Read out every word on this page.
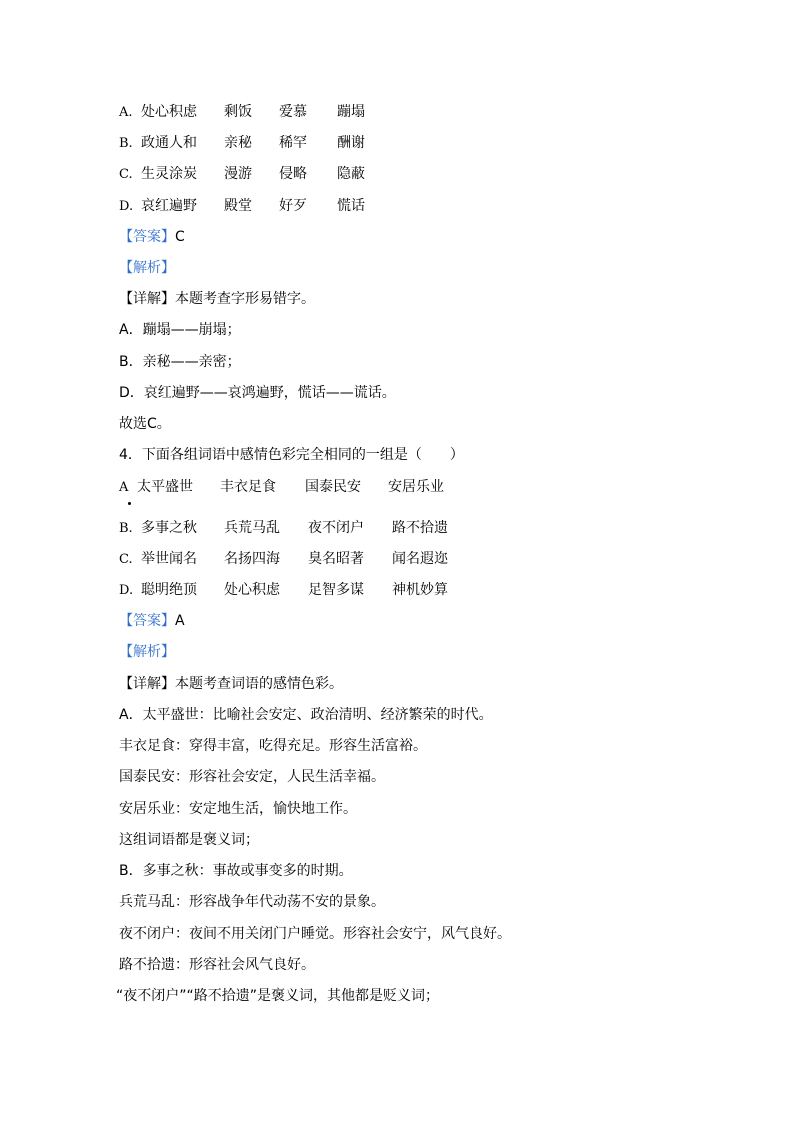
A. 处心积虑 剩饭 爱慕 蹦塌
B. 政通人和 亲秘 稀罕 酬谢
C. 生灵涂炭 漫游 侵略 隐蔽
D. 哀红遍野 殿堂 好歹 慌话
【答案】C
【解析】
【详解】本题考查字形易错字。
A．蹦塌——崩塌；
B．亲秘——亲密；
D．哀红遍野——哀鸿遍野，慌话——谎话。
故选C。
4．下面各组词语中感情色彩完全相同的一组是（　　）
A 太平盛世 丰衣足食 国泰民安 安居乐业
B. 多事之秋 兵荒马乱 夜不闭户 路不拾遗
C. 举世闻名 名扬四海 臭名昭著 闻名遐迩
D. 聪明绝顶 处心积虑 足智多谋 神机妙算
【答案】A
【解析】
【详解】本题考查词语的感情色彩。
A．太平盛世：比喻社会安定、政治清明、经济繁荣的时代。
丰衣足食：穿得丰富，吃得充足。形容生活富裕。
国泰民安：形容社会安定，人民生活幸福。
安居乐业：安定地生活，愉快地工作。
这组词语都是褒义词；
B．多事之秋：事故或事变多的时期。
兵荒马乱：形容战争年代动荡不安的景象。
夜不闭户：夜间不用关闭门户睡觉。形容社会安宁，风气良好。
路不拾遗：形容社会风气良好。
“夜不闭户”“路不拾遗”是褒义词，其他都是贬义词；
